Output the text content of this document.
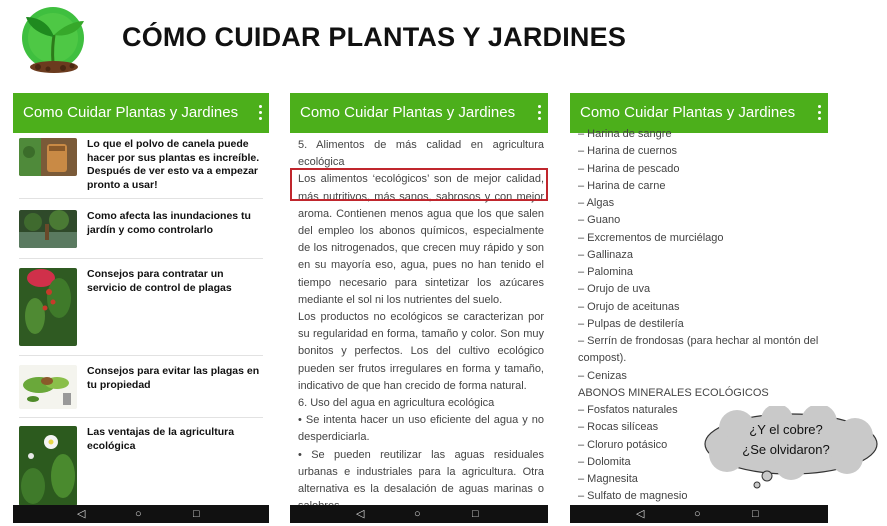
CÓMO CUIDAR PLANTAS Y JARDINES
Como Cuidar Plantas y Jardines
Lo que el polvo de canela puede hacer por sus plantas es increíble. Después de ver esto va a empezar pronto a usar!
Como afecta las inundaciones tu jardín y como controlarlo
Consejos para contratar un servicio de control de plagas
Consejos para evitar las plagas en tu propiedad
Las ventajas de la agricultura ecológica
◁	○	□
Como Cuidar Plantas y Jardines

5. Alimentos de más calidad en agricultura ecológica

Los alimentos ‘ecológicos’ son de mejor calidad, más nutritivos, más sanos, sabrosos y con mejor aroma. Contienen menos agua que los que salen del empleo los abonos químicos, especialmente de los nitrogenados, que crecen muy rápido y son en su mayoría eso, agua, pues no han tenido el tiempo necesario para sintetizar los azúcares mediante el sol ni los nutrientes del suelo.

Los productos no ecológicos se caracterizan por su regularidad en forma, tamaño y color. Son muy bonitos y perfectos. Los del cultivo ecológico pueden ser frutos irregulares en forma y tamaño, indicativo de que han crecido de forma natural.

6. Uso del agua en agricultura ecológica

• Se intenta hacer un uso eficiente del agua y no desperdiciarla.

• Se pueden reutilizar las aguas residuales urbanas e industriales para la agricultura. Otra alternativa es la desalación de aguas marinas o

◁	○	□
Como Cuidar Plantas y Jardines
– Harina de sangre
– Harina de cuernos
– Harina de pescado
– Harina de carne
– Algas
– Guano
– Excrementos de murciélago
– Gallinaza
– Palomina
– Orujo de uva
– Orujo de aceitunas
– Pulpas de destilería
– Serrín de frondosas (para hechar al montón del
compost).
– Cenizas
ABONOS MINERALES ECOLÓGICOS
– Fosfatos naturales
– Rocas silíceas
– Cloruro potásico
– Dolomita
– Magnesita
– Sulfato de magnesio
◁	○	□
¿Y el cobre?
¿Se olvidaron?
